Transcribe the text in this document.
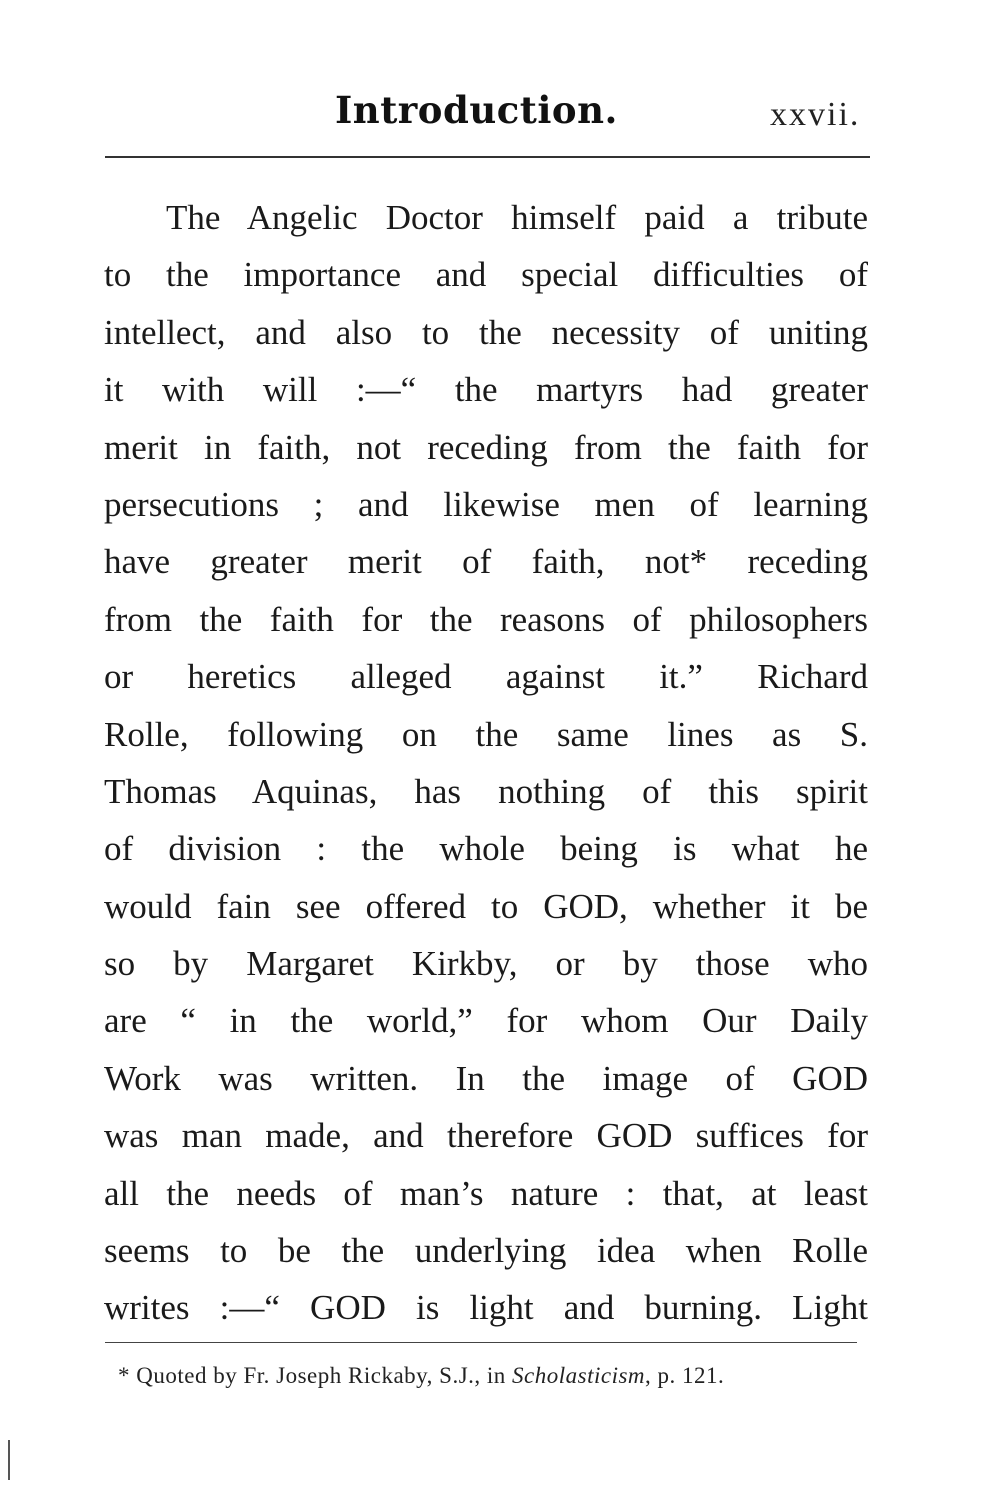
Introduction.	xxvii.
The Angelic Doctor himself paid a tribute
to the importance and special difficulties of
intellect, and also to the necessity of uniting
it with will :—“ the martyrs had greater
merit in faith, not receding from the faith for
persecutions ; and likewise men of learning
have greater merit of faith, not* receding
from the faith for the reasons of philosophers
or heretics alleged against it.” Richard
Rolle, following on the same lines as S.
Thomas Aquinas, has nothing of this spirit
of division : the whole being is what he
would fain see offered to GOD, whether it be
so by Margaret Kirkby, or by those who
are “ in the world,” for whom Our Daily
Work was written. In the image of GOD
was man made, and therefore GOD suffices for
all the needs of man’s nature : that, at least
seems to be the underlying idea when Rolle
writes :—“ GOD is light and burning. Light
* Quoted by Fr. Joseph Rickaby, S.J., in Scholasticism, p. 121.
